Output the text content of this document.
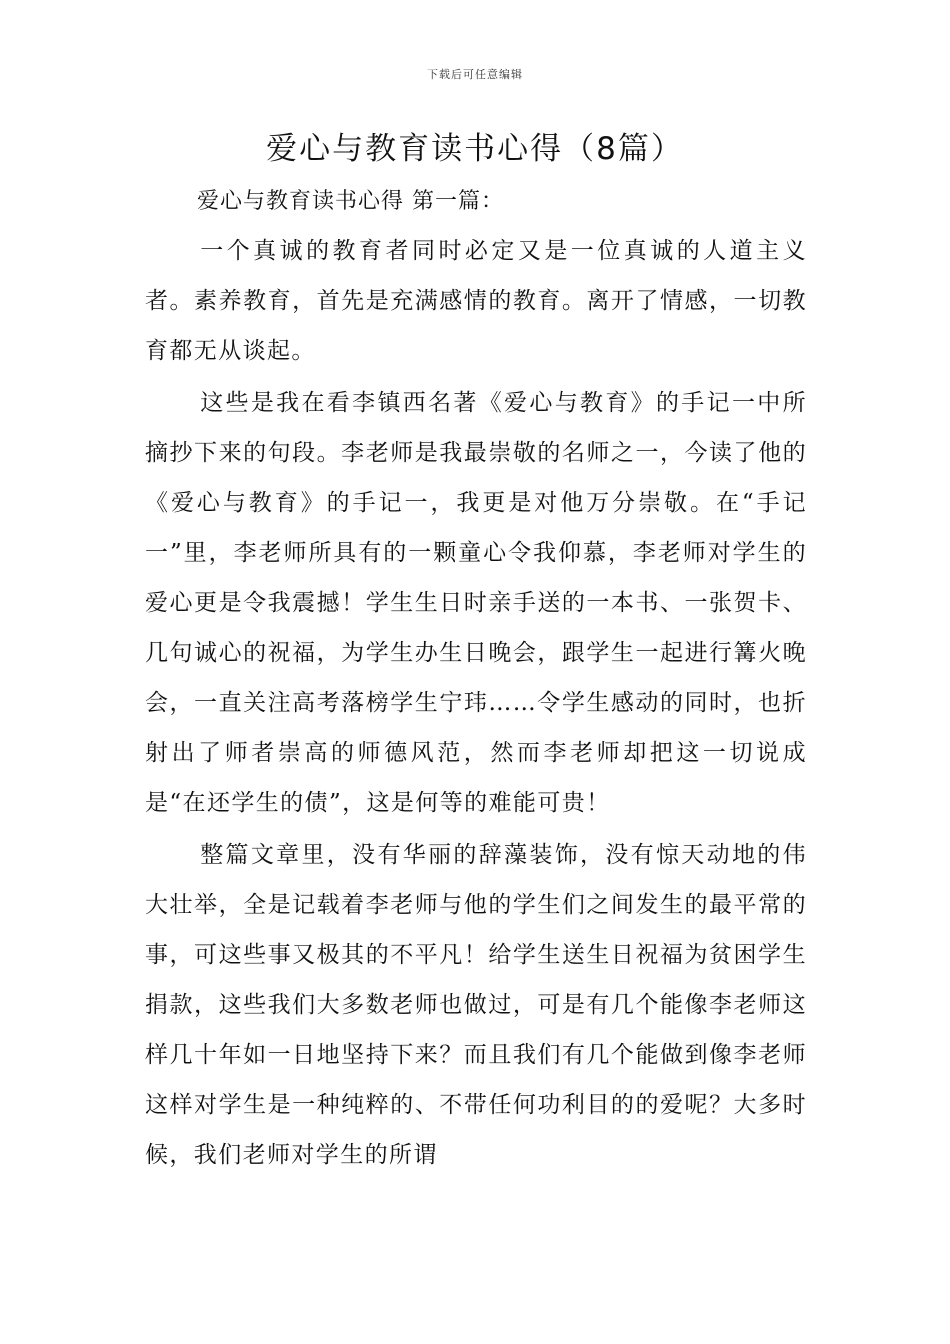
下载后可任意编辑
爱心与教育读书心得（8篇）

爱心与教育读书心得 第一篇：

一个真诚的教育者同时必定又是一位真诚的人道主义者。素养教育，首先是充满感情的教育。离开了情感，一切教育都无从谈起。

这些是我在看李镇西名著《爱心与教育》的手记一中所摘抄下来的句段。李老师是我最崇敬的名师之一，今读了他的《爱心与教育》的手记一，我更是对他万分崇敬。在“手记一”里，李老师所具有的一颗童心令我仰慕，李老师对学生的爱心更是令我震撼！学生生日时亲手送的一本书、一张贺卡、几句诚心的祝福，为学生办生日晚会，跟学生一起进行篝火晚会，一直关注高考落榜学生宁玮……令学生感动的同时，也折射出了师者崇高的师德风范，然而李老师却把这一切说成是“在还学生的债”，这是何等的难能可贵！

整篇文章里，没有华丽的辞藻装饰，没有惊天动地的伟大壮举，全是记载着李老师与他的学生们之间发生的最平常的事，可这些事又极其的不平凡！给学生送生日祝福为贫困学生捐款，这些我们大多数老师也做过，可是有几个能像李老师这样几十年如一日地坚持下来？而且我们有几个能做到像李老师这样对学生是一种纯粹的、不带任何功利目的的爱呢？大多时候，我们老师对学生的所谓
